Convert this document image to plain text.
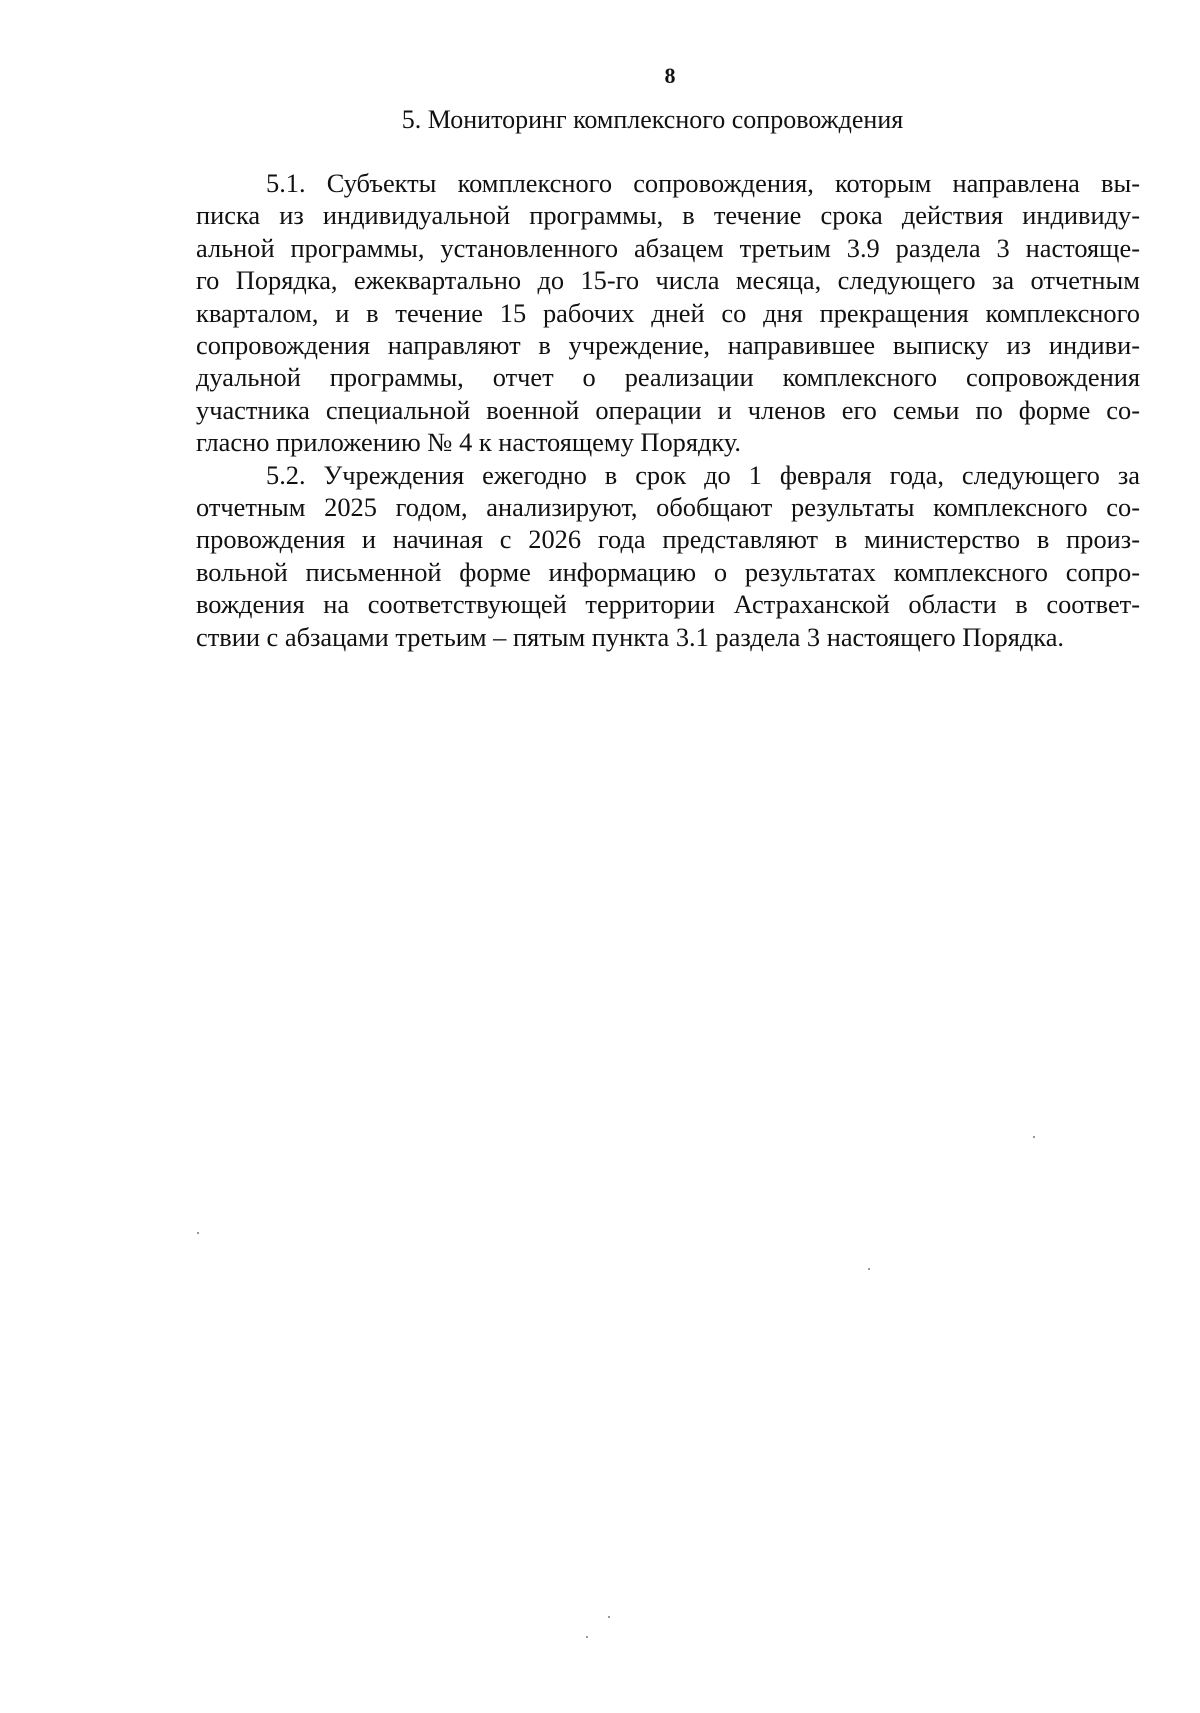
8
5. Мониторинг комплексного сопровождения

5.1. Субъекты комплексного сопровождения, которым направлена вы-
писка из индивидуальной программы, в течение срока действия индивиду-
альной программы, установленного абзацем третьим 3.9 раздела 3 настояще-
го Порядка, ежеквартально до 15-го числа месяца, следующего за отчетным
кварталом, и в течение 15 рабочих дней со дня прекращения комплексного
сопровождения направляют в учреждение, направившее выписку из индиви-
дуальной программы, отчет о реализации комплексного сопровождения
участника специальной военной операции и членов его семьи по форме со-
гласно приложению № 4 к настоящему Порядку.

5.2. Учреждения ежегодно в срок до 1 февраля года, следующего за
отчетным 2025 годом, анализируют, обобщают результаты комплексного со-
провождения и начиная с 2026 года представляют в министерство в произ-
вольной письменной форме информацию о результатах комплексного сопро-
вождения на соответствующей территории Астраханской области в соответ-
ствии с абзацами третьим – пятым пункта 3.1 раздела 3 настоящего Порядка.
